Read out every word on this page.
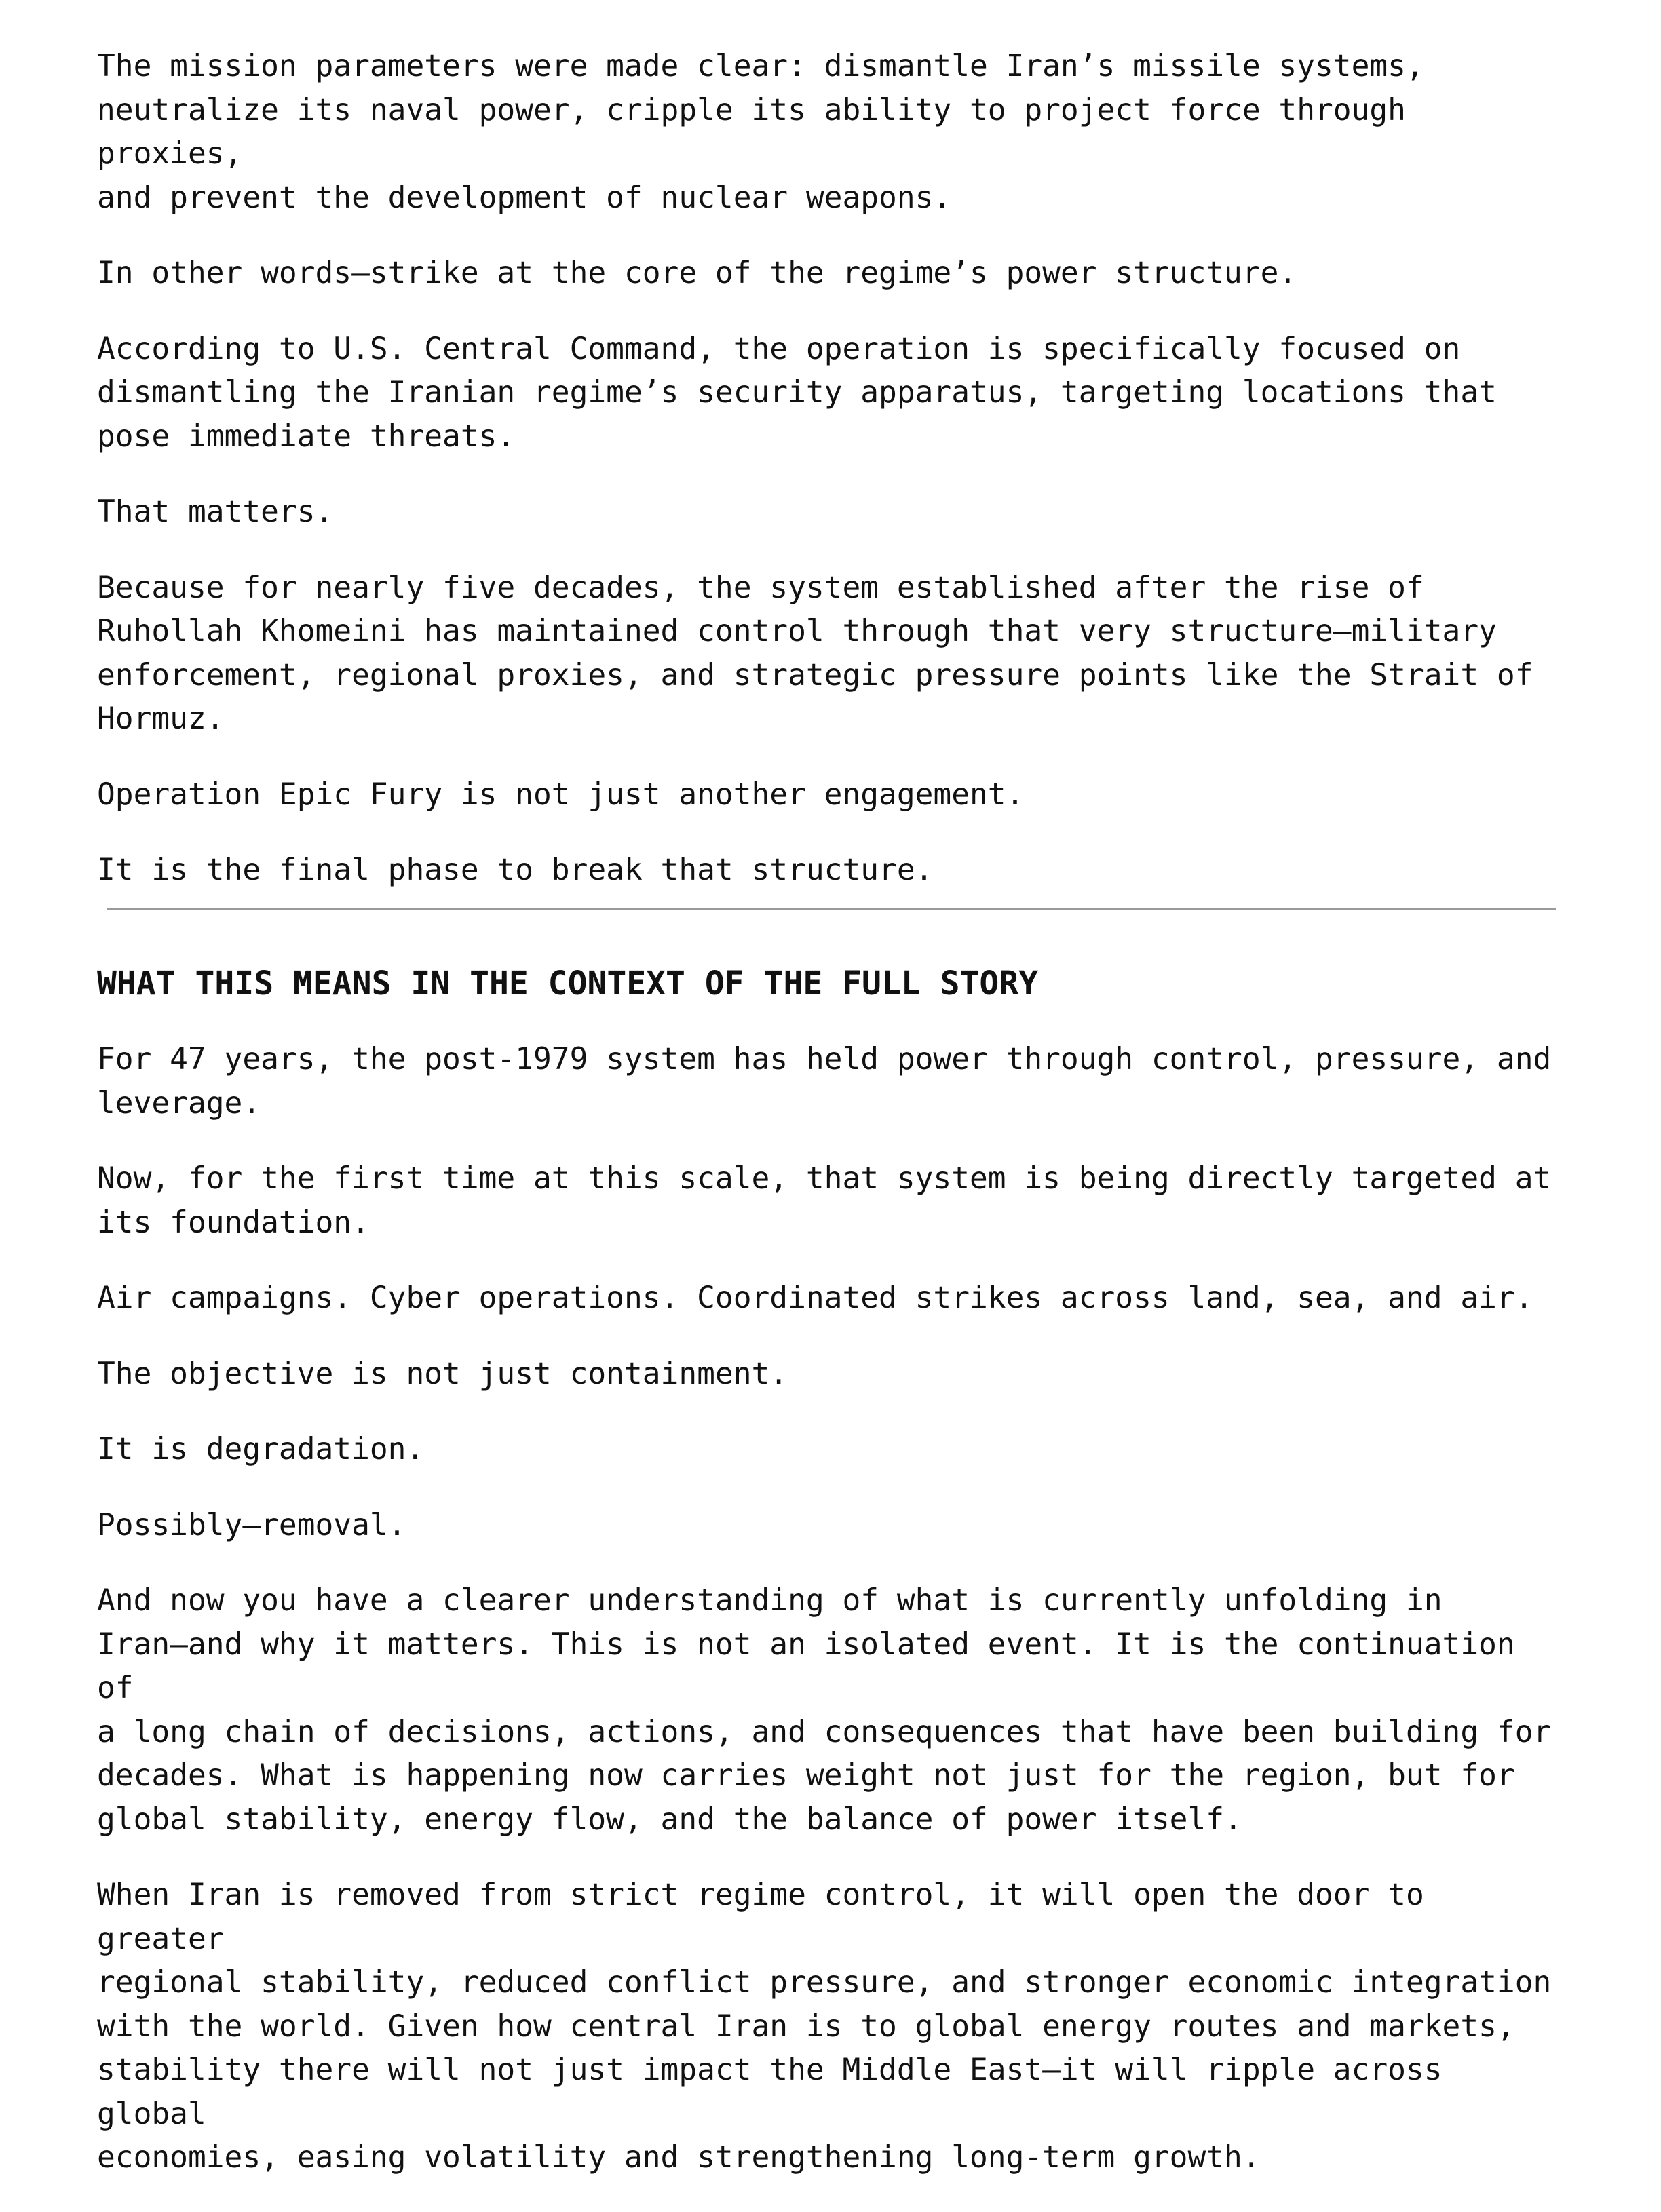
The mission parameters were made clear: dismantle Iran’s missile systems,
neutralize its naval power, cripple its ability to project force through proxies,
and prevent the development of nuclear weapons.

In other words—strike at the core of the regime’s power structure.

According to U.S. Central Command, the operation is specifically focused on
dismantling the Iranian regime’s security apparatus, targeting locations that
pose immediate threats.

That matters.

Because for nearly five decades, the system established after the rise of
Ruhollah Khomeini has maintained control through that very structure—military
enforcement, regional proxies, and strategic pressure points like the Strait of
Hormuz.

Operation Epic Fury is not just another engagement.

It is the final phase to break that structure.

WHAT THIS MEANS IN THE CONTEXT OF THE FULL STORY

For 47 years, the post-1979 system has held power through control, pressure, and
leverage.

Now, for the first time at this scale, that system is being directly targeted at
its foundation.

Air campaigns. Cyber operations. Coordinated strikes across land, sea, and air.

The objective is not just containment.

It is degradation.

Possibly—removal.

And now you have a clearer understanding of what is currently unfolding in
Iran—and why it matters. This is not an isolated event. It is the continuation of
a long chain of decisions, actions, and consequences that have been building for
decades. What is happening now carries weight not just for the region, but for
global stability, energy flow, and the balance of power itself.

When Iran is removed from strict regime control, it will open the door to greater
regional stability, reduced conflict pressure, and stronger economic integration
with the world. Given how central Iran is to global energy routes and markets,
stability there will not just impact the Middle East—it will ripple across global
economies, easing volatility and strengthening long-term growth.
